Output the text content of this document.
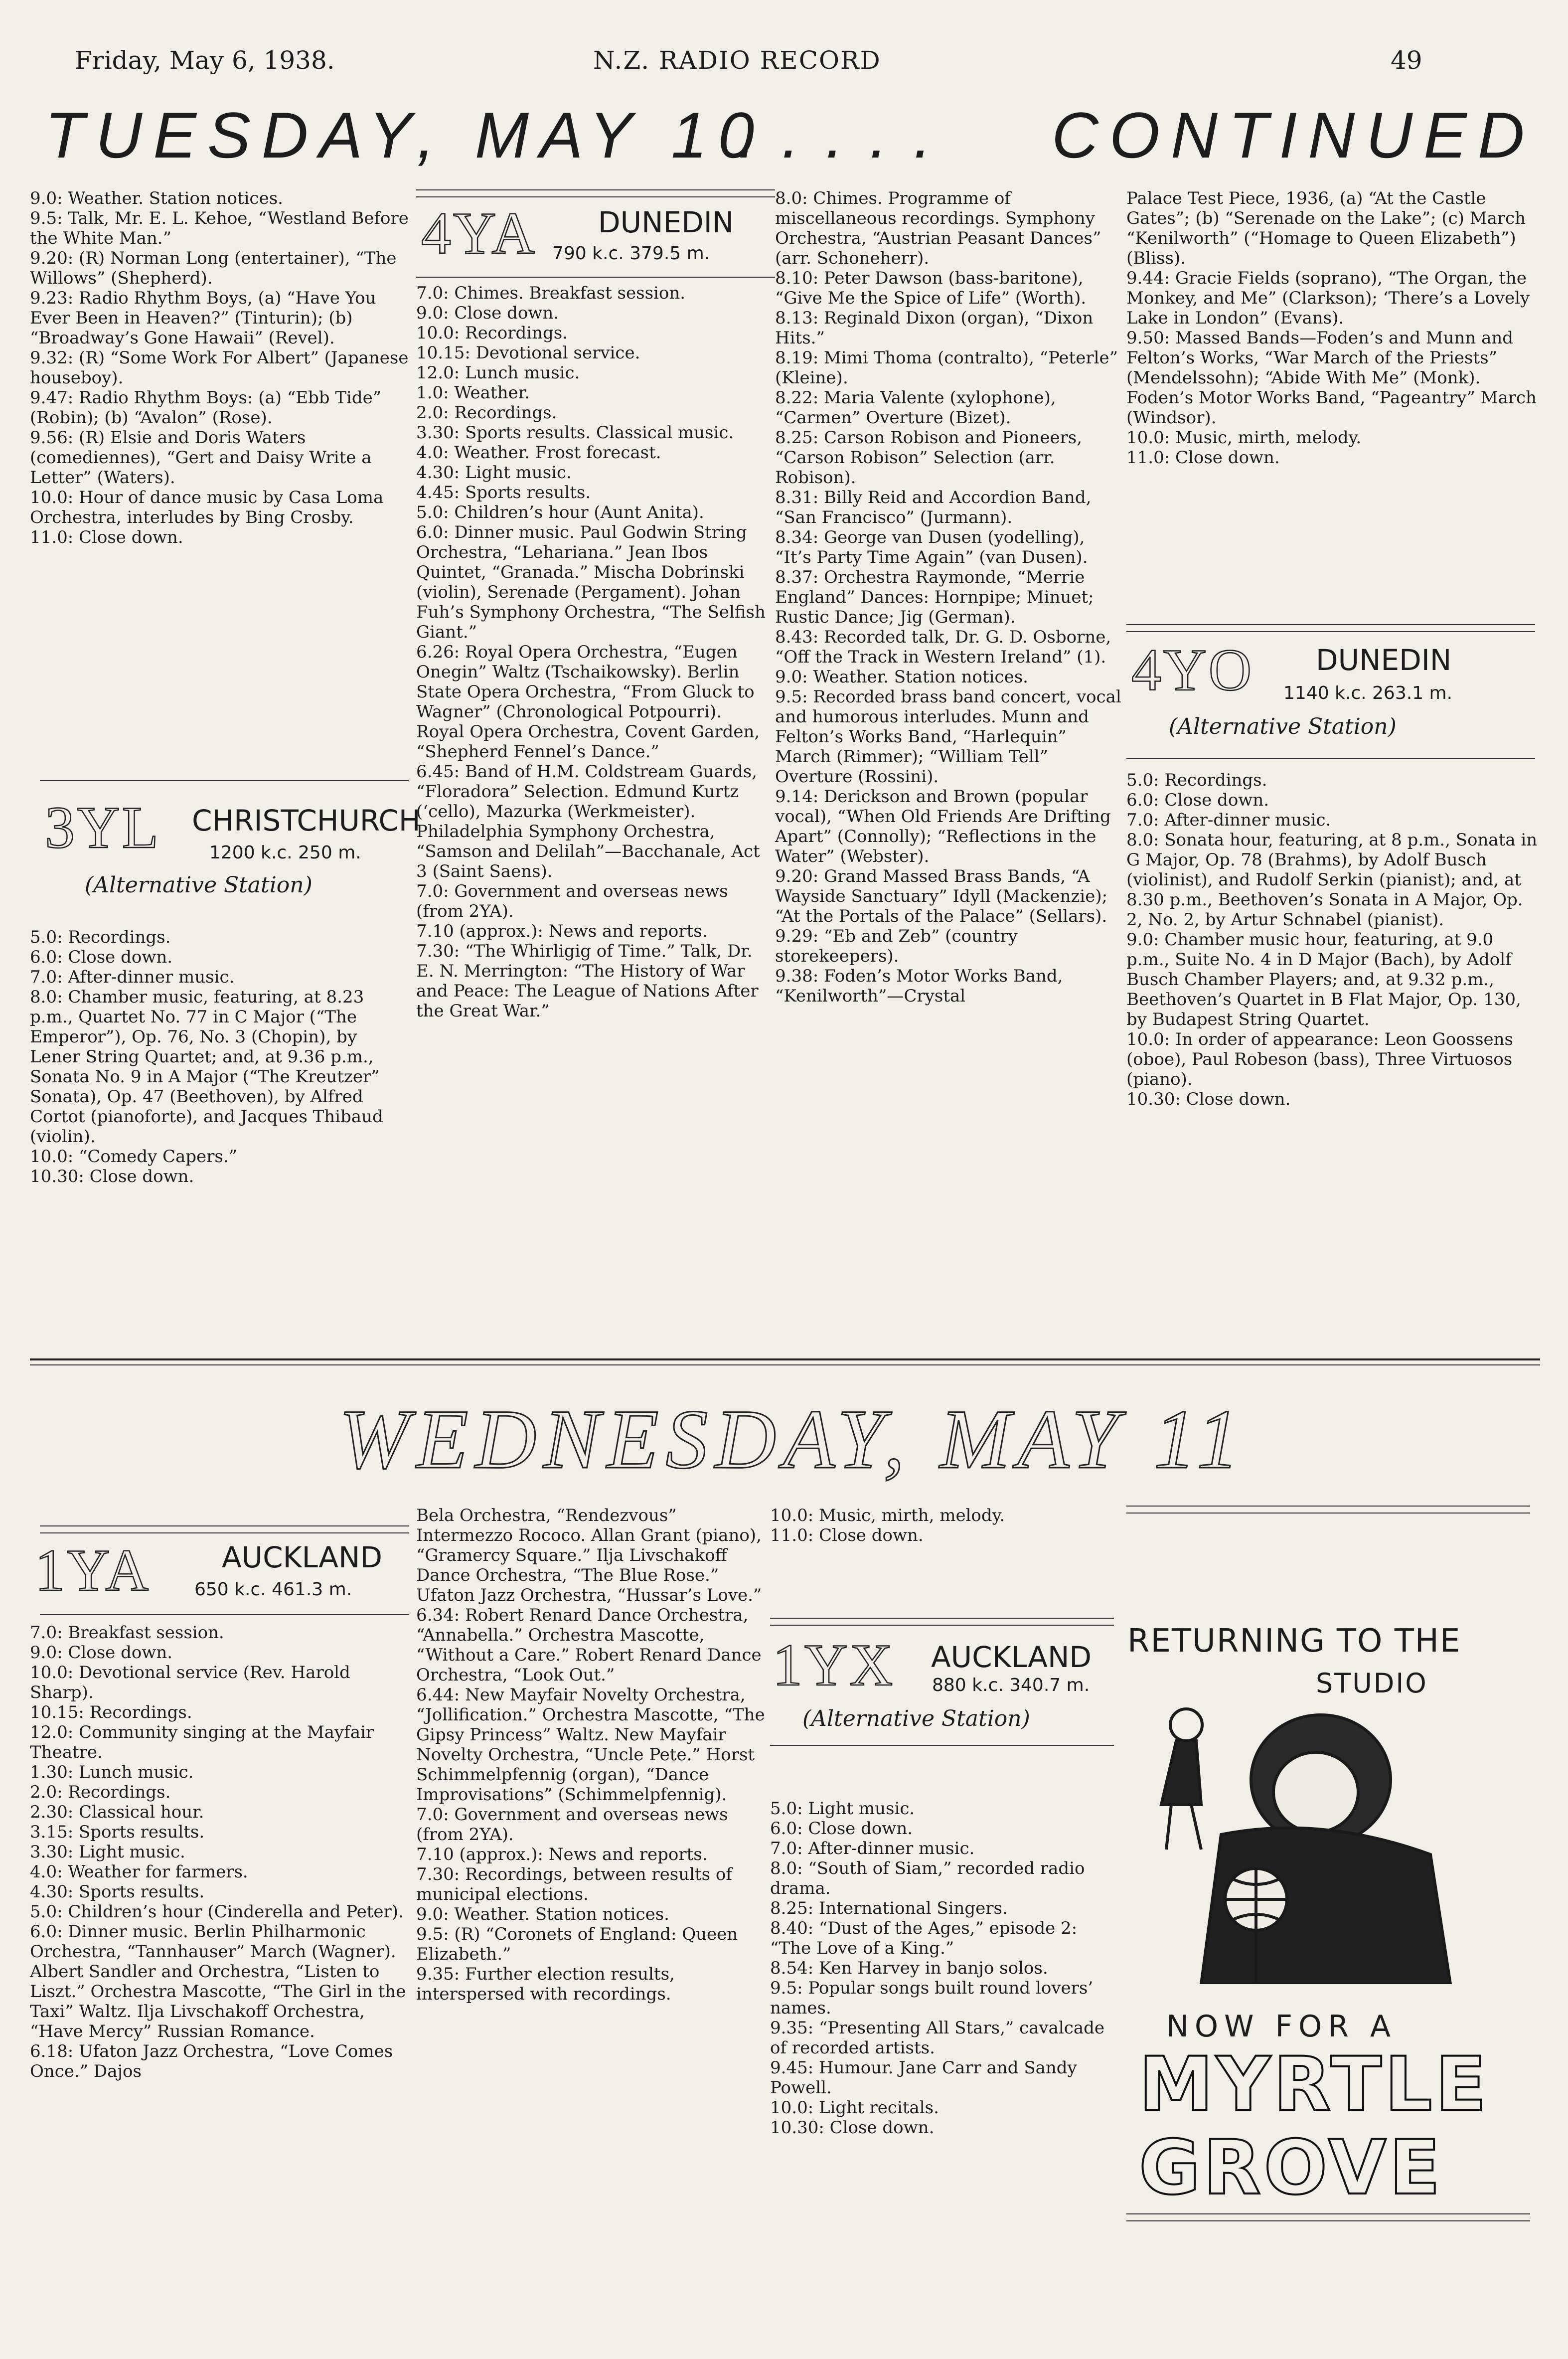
Friday, May 6, 1938.	N.Z. RADIO RECORD	49
TUESDAY, MAY 10
. . . . . CONTINUED

9.0: Weather. Station notices.

9.5: Talk, Mr. E. L. Kehoe, “Westland Before the White Man.”

9.20: (R) Norman Long (entertainer), “The Willows” (Shepherd).

9.23: Radio Rhythm Boys, (a) “Have You Ever Been in Heaven?” (Tinturin); (b) “Broadway’s Gone Hawaii” (Revel).

9.32: (R) “Some Work For Albert” (Japanese houseboy).

9.47: Radio Rhythm Boys: (a) “Ebb Tide” (Robin); (b) “Avalon” (Rose).

9.56: (R) Elsie and Doris Waters (comediennes), “Gert and Daisy Write a Letter” (Waters).

10.0: Hour of dance music by Casa Loma Orchestra, interludes by Bing Crosby.

11.0: Close down.

3YL CHRISTCHURCH
1200 k.c. 250 m.
(Alternative Station)

5.0: Recordings.

6.0: Close down.

7.0: After-dinner music.

8.0: Chamber music, featuring, at 8.23 p.m., Quartet No. 77 in C Major (“The Emperor”), Op. 76, No. 3 (Chopin), by Lener String Quartet; and, at 9.36 p.m., Sonata No. 9 in A Major (“The Kreutzer” Sonata), Op. 47 (Beethoven), by Alfred Cortot (pianoforte), and Jacques Thibaud (violin).

10.0: “Comedy Capers.”

10.30: Close down.

4YA DUNEDIN
790 k.c. 379.5 m.

7.0: Chimes. Breakfast session.

9.0: Close down.

10.0: Recordings.

10.15: Devotional service.

12.0: Lunch music.

1.0: Weather.

2.0: Recordings.

3.30: Sports results. Classical music.

4.0: Weather. Frost forecast.

4.30: Light music.

4.45: Sports results.

5.0: Children’s hour (Aunt Anita).

6.0: Dinner music. Paul Godwin String Orchestra, “Lehariana.” Jean Ibos Quintet, “Granada.” Mischa Dobrinski (violin), Serenade (Pergament). Johan Fuh’s Symphony Orchestra, “The Selfish Giant.”

6.26: Royal Opera Orchestra, “Eugen Onegin” Waltz (Tschaikowsky). Berlin State Opera Orchestra, “From Gluck to Wagner” (Chronological Potpourri). Royal Opera Orchestra, Covent Garden, “Shepherd Fennel’s Dance.”

6.45: Band of H.M. Coldstream Guards, “Floradora” Selection. Edmund Kurtz (‘cello), Mazurka (Werkmeister). Philadelphia Symphony Orchestra, “Samson and Delilah”—Bacchanale, Act 3 (Saint Saens).

7.0: Government and overseas news (from 2YA).

7.10 (approx.): News and reports.

7.30: “The Whirligig of Time.” Talk, Dr. E. N. Merrington: “The History of War and Peace: The League of Nations After the Great War.”

8.0: Chimes. Programme of miscellaneous recordings. Symphony Orchestra, “Austrian Peasant Dances” (arr. Schoneherr).

8.10: Peter Dawson (bass-baritone), “Give Me the Spice of Life” (Worth).

8.13: Reginald Dixon (organ), “Dixon Hits.”

8.19: Mimi Thoma (contralto), “Peterle” (Kleine).

8.22: Maria Valente (xylophone), “Carmen” Overture (Bizet).

8.25: Carson Robison and Pioneers, “Carson Robison” Selection (arr. Robison).

8.31: Billy Reid and Accordion Band, “San Francisco” (Jurmann).

8.34: George van Dusen (yodelling), “It’s Party Time Again” (van Dusen).

8.37: Orchestra Raymonde, “Merrie England” Dances: Hornpipe; Minuet; Rustic Dance; Jig (German).

8.43: Recorded talk, Dr. G. D. Osborne, “Off the Track in Western Ireland” (1).

9.0: Weather. Station notices.

9.5: Recorded brass band concert, vocal and humorous interludes. Munn and Felton’s Works Band, “Harlequin” March (Rimmer); “William Tell” Overture (Rossini).

9.14: Derickson and Brown (popular vocal), “When Old Friends Are Drifting Apart” (Connolly); “Reflections in the Water” (Webster).

9.20: Grand Massed Brass Bands, “A Wayside Sanctuary” Idyll (Mackenzie); “At the Portals of the Palace” (Sellars).

9.29: “Eb and Zeb” (country storekeepers).

9.38: Foden’s Motor Works Band, “Kenilworth”—Crystal

Palace Test Piece, 1936, (a) “At the Castle Gates”; (b) “Serenade on the Lake”; (c) March “Kenilworth” (“Homage to Queen Elizabeth”) (Bliss).

9.44: Gracie Fields (soprano), “The Organ, the Monkey, and Me” (Clarkson); ‘There’s a Lovely Lake in London” (Evans).

9.50: Massed Bands—Foden’s and Munn and Felton’s Works, “War March of the Priests” (Mendelssohn); “Abide With Me” (Monk). Foden’s Motor Works Band, “Pageantry” March (Windsor).

10.0: Music, mirth, melody.

11.0: Close down.

4YO DUNEDIN
1140 k.c. 263.1 m.
(Alternative Station)

5.0: Recordings.

6.0: Close down.

7.0: After-dinner music.

8.0: Sonata hour, featuring, at 8 p.m., Sonata in G Major, Op. 78 (Brahms), by Adolf Busch (violinist), and Rudolf Serkin (pianist); and, at 8.30 p.m., Beethoven’s Sonata in A Major, Op. 2, No. 2, by Artur Schnabel (pianist).

9.0: Chamber music hour, featuring, at 9.0 p.m., Suite No. 4 in D Major (Bach), by Adolf Busch Chamber Players; and, at 9.32 p.m., Beethoven’s Quartet in B Flat Major, Op. 130, by Budapest String Quartet.

10.0: In order of appearance: Leon Goossens (oboe), Paul Robeson (bass), Three Virtuosos (piano).

10.30: Close down.

WEDNESDAY, MAY 11
1YA AUCKLAND
650 k.c. 461.3 m.

7.0: Breakfast session.

9.0: Close down.

10.0: Devotional service (Rev. Harold Sharp).

10.15: Recordings.

12.0: Community singing at the Mayfair Theatre.

1.30: Lunch music.

2.0: Recordings.

2.30: Classical hour.

3.15: Sports results.

3.30: Light music.

4.0: Weather for farmers.

4.30: Sports results.

5.0: Children’s hour (Cinderella and Peter).

6.0: Dinner music. Berlin Philharmonic Orchestra, “Tannhauser” March (Wagner). Albert Sandler and Orchestra, “Listen to Liszt.” Orchestra Mascotte, “The Girl in the Taxi” Waltz. Ilja Livschakoff Orchestra, “Have Mercy” Russian Romance.

6.18: Ufaton Jazz Orchestra, “Love Comes Once.” Dajos

Bela Orchestra, “Rendezvous” Intermezzo Rococo. Allan Grant (piano), “Gramercy Square.” Ilja Livschakoff Dance Orchestra, “The Blue Rose.” Ufaton Jazz Orchestra, “Hussar’s Love.”

6.34: Robert Renard Dance Orchestra, “Annabella.” Orchestra Mascotte, “Without a Care.” Robert Renard Dance Orchestra, “Look Out.”

6.44: New Mayfair Novelty Orchestra, “Jollification.” Orchestra Mascotte, “The Gipsy Princess” Waltz. New Mayfair Novelty Orchestra, “Uncle Pete.” Horst Schimmelpfennig (organ), “Dance Improvisations” (Schimmelpfennig).

7.0: Government and overseas news (from 2YA).

7.10 (approx.): News and reports.

7.30: Recordings, between results of municipal elections.

9.0: Weather. Station notices.

9.5: (R) “Coronets of England: Queen Elizabeth.”

9.35: Further election results, interspersed with recordings.

10.0: Music, mirth, melody.

11.0: Close down.

1YX AUCKLAND
880 k.c. 340.7 m.
(Alternative Station)

5.0: Light music.

6.0: Close down.

7.0: After-dinner music.

8.0: “South of Siam,” recorded radio drama.

8.25: International Singers.

8.40: “Dust of the Ages,” episode 2: “The Love of a King.”

8.54: Ken Harvey in banjo solos.

9.5: Popular songs built round lovers’ names.

9.35: “Presenting All Stars,” cavalcade of recorded artists.

9.45: Humour. Jane Carr and Sandy Powell.

10.0: Light recitals.

10.30: Close down.

RETURNING TO THE
STUDIO
NOW FOR A
MYRTLE
GROVE
